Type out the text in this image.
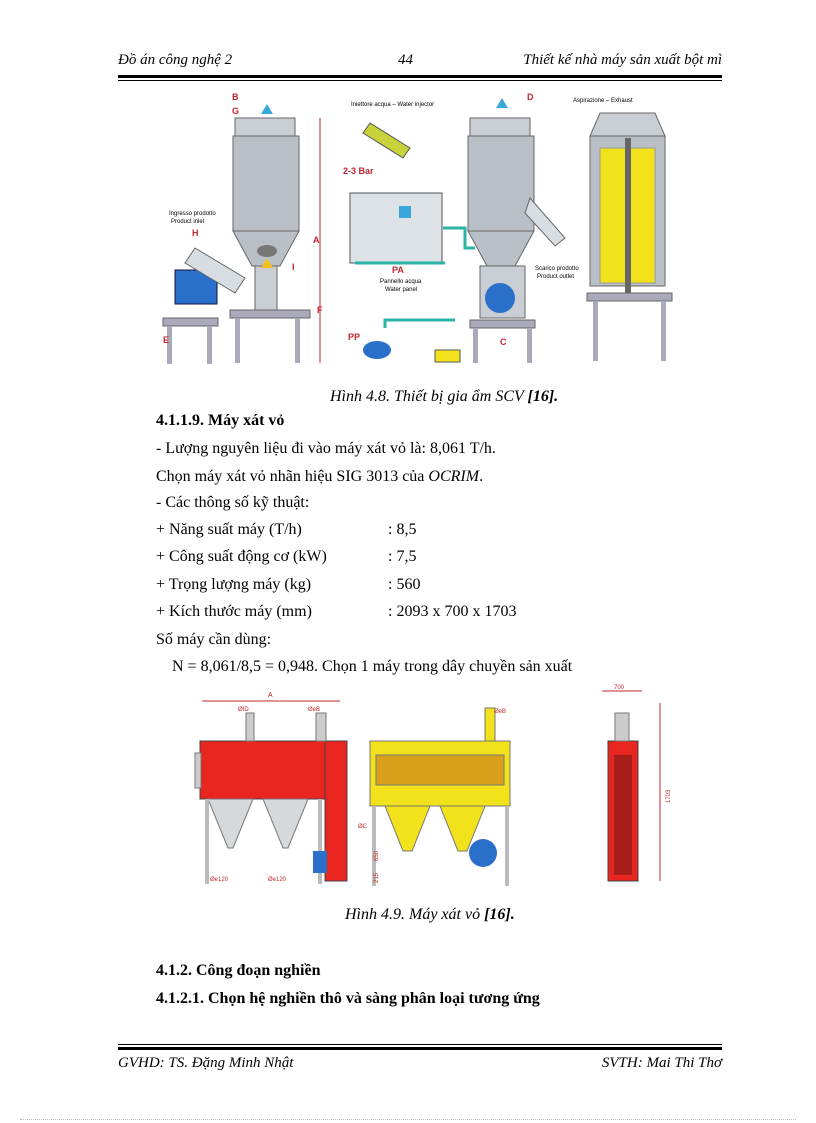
Đồ án công nghệ 2	44	Thiết kế nhà máy sản xuất bột mì
B
G
Ingresso prodotto
Product inlet
H
I
A
F
E
Iniettore acqua – Water injector
2-3 Bar
PA
Pannello acqua
Water panel
PP
D
C
Scarico prodotto
Product outlet
Aspirazione – Exhaust
Hình 4.8. Thiết bị gia ẩm SCV [16].
4.1.1.9. Máy xát vỏ
- Lượng nguyên liệu đi vào máy xát vỏ là: 8,061 T/h.
Chọn máy xát vỏ nhãn hiệu SIG 3013 của OCRIM.
- Các thông số kỹ thuật:
+ Năng suất máy (T/h)	: 8,5
+ Công suất động cơ (kW)	: 7,5
+ Trọng lượng máy (kg)	: 560
+ Kích thước máy (mm)	: 2093 x 700 x 1703
Số máy cần dùng:
N = 8,061/8,5 = 0,948. Chọn 1 máy trong dây chuyền sản xuất
A
ØID	ØeB
Øe120	Øe120
ØeB
ØC
650
215
700
1703
Hình 4.9. Máy xát vỏ [16].
4.1.2. Công đoạn nghiền
4.1.2.1. Chọn hệ nghiền thô và sàng phân loại tương ứng
GVHD: TS. Đặng Minh Nhật	SVTH: Mai Thi Thơ
